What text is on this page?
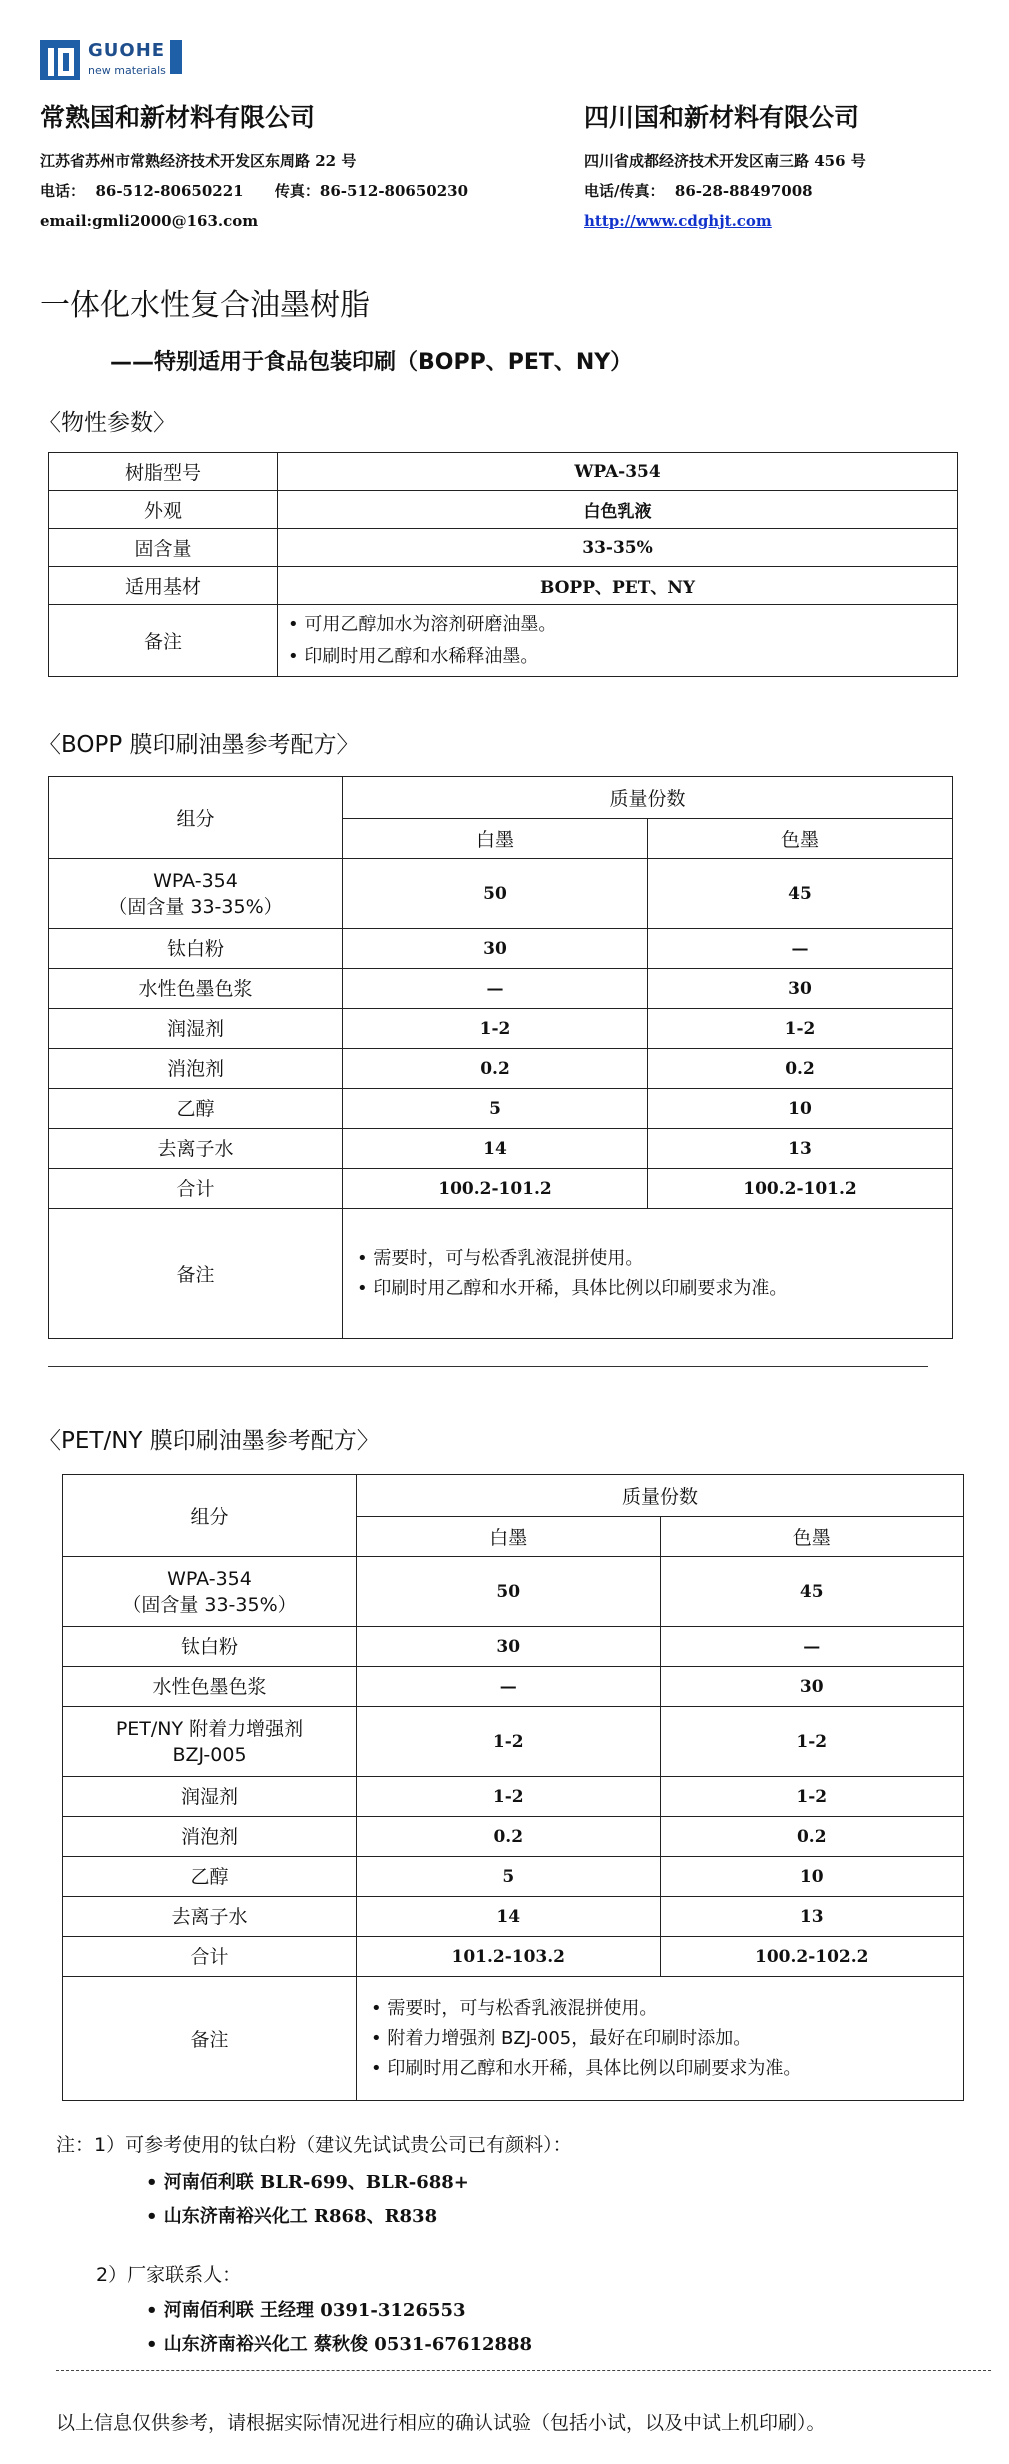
GUOHE
new materials
常熟国和新材料有限公司
江苏省苏州市常熟经济技术开发区东周路 22 号
电话：  86-512-80650221      传真：86-512-80650230
email:gmli2000@163.com
四川国和新材料有限公司
四川省成都经济技术开发区南三路 456 号
电话/传真：  86-28-88497008
http://www.cdghjt.com
一体化水性复合油墨树脂
——特别适用于食品包装印刷（BOPP、PET、NY）
〈物性参数〉
树脂型号	WPA-354
外观	白色乳液
固含量	33-35%
适用基材	BOPP、PET、NY
备注	• 可用乙醇加水为溶剂研磨油墨。
• 印刷时用乙醇和水稀释油墨。
〈BOPP 膜印刷油墨参考配方〉
组分	质量份数	
	白墨	色墨
WPA-354
（固含量 33-35%）	50	45
钛白粉	30	—
水性色墨色浆	—	30
润湿剂	1-2	1-2
消泡剂	0.2	0.2
乙醇	5	10
去离子水	14	13
合计	100.2-101.2	100.2-101.2
备注	• 需要时，可与松香乳液混拼使用。
• 印刷时用乙醇和水开稀，具体比例以印刷要求为准。	
〈PET/NY 膜印刷油墨参考配方〉
组分	质量份数	
	白墨	色墨
WPA-354
（固含量 33-35%）	50	45
钛白粉	30	—
水性色墨色浆	—	30
PET/NY 附着力增强剂
BZJ-005	1-2	1-2
润湿剂	1-2	1-2
消泡剂	0.2	0.2
乙醇	5	10
去离子水	14	13
合计	101.2-103.2	100.2-102.2
备注	• 需要时，可与松香乳液混拼使用。
• 附着力增强剂 BZJ-005，最好在印刷时添加。
• 印刷时用乙醇和水开稀，具体比例以印刷要求为准。	
注：1）可参考使用的钛白粉（建议先试试贵公司已有颜料）：
• 河南佰利联 BLR-699、BLR-688+
• 山东济南裕兴化工 R868、R838
2）厂家联系人：
• 河南佰利联 王经理 0391-3126553
• 山东济南裕兴化工 蔡秋俊 0531-67612888
以上信息仅供参考，请根据实际情况进行相应的确认试验（包括小试，以及中试上机印刷）。
